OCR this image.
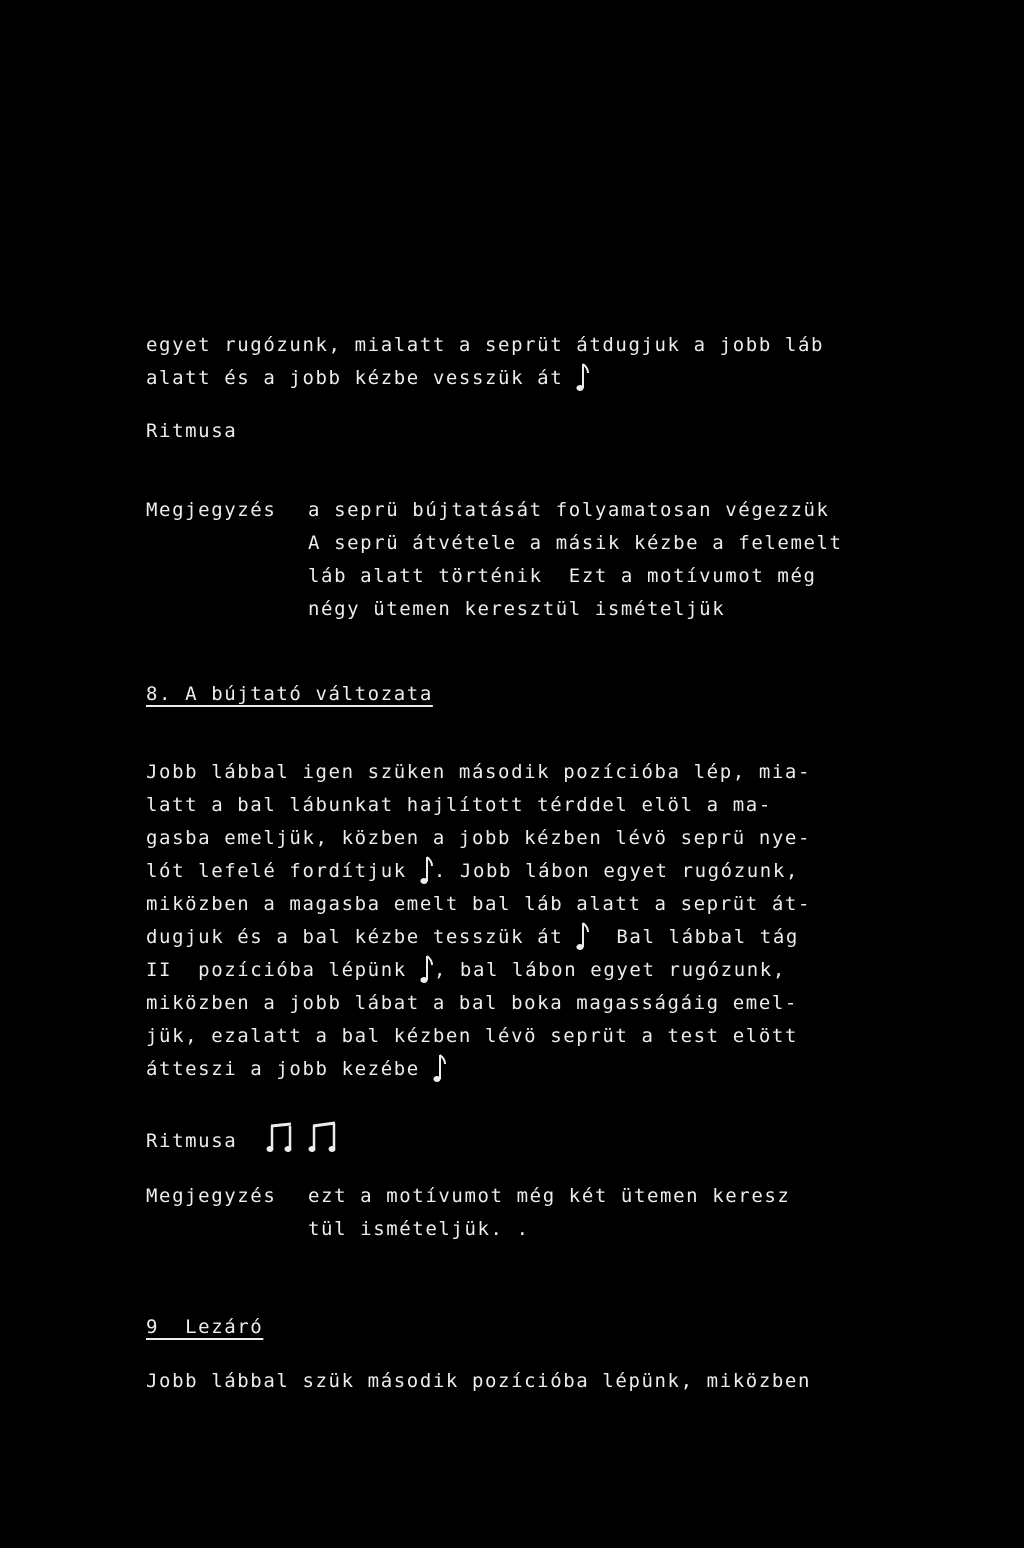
egyet rugózunk, mialatt a seprüt átdugjuk a jobb láb
alatt és a jobb kézbe vesszük át
Ritmusa
Megjegyzés a seprü bújtatását folyamatosan végezzük
A seprü átvétele a másik kézbe a felemelt
láb alatt történik  Ezt a motívumot még
négy ütemen keresztül ismételjük
8. A bújtató változata
Jobb lábbal igen szüken második pozícióba lép, mia-
latt a bal lábunkat hajlított térddel elöl a ma-
gasba emeljük, közben a jobb kézben lévö seprü nye-
lót lefelé fordítjuk . Jobb lábon egyet rugózunk,
miközben a magasba emelt bal láb alatt a seprüt át-
dugjuk és a bal kézbe tesszük át	Bal lábbal tág
II  pozícióba lépünk , bal lábon egyet rugózunk,
miközben a jobb lábat a bal boka magasságáig emel-
jük, ezalatt a bal kézben lévö seprüt a test elött
átteszi a jobb kezébe
Ritmusa
Megjegyzés ezt a motívumot még két ütemen keresz
tül ismételjük. .
9  Lezáró
Jobb lábbal szük második pozícióba lépünk, miközben
